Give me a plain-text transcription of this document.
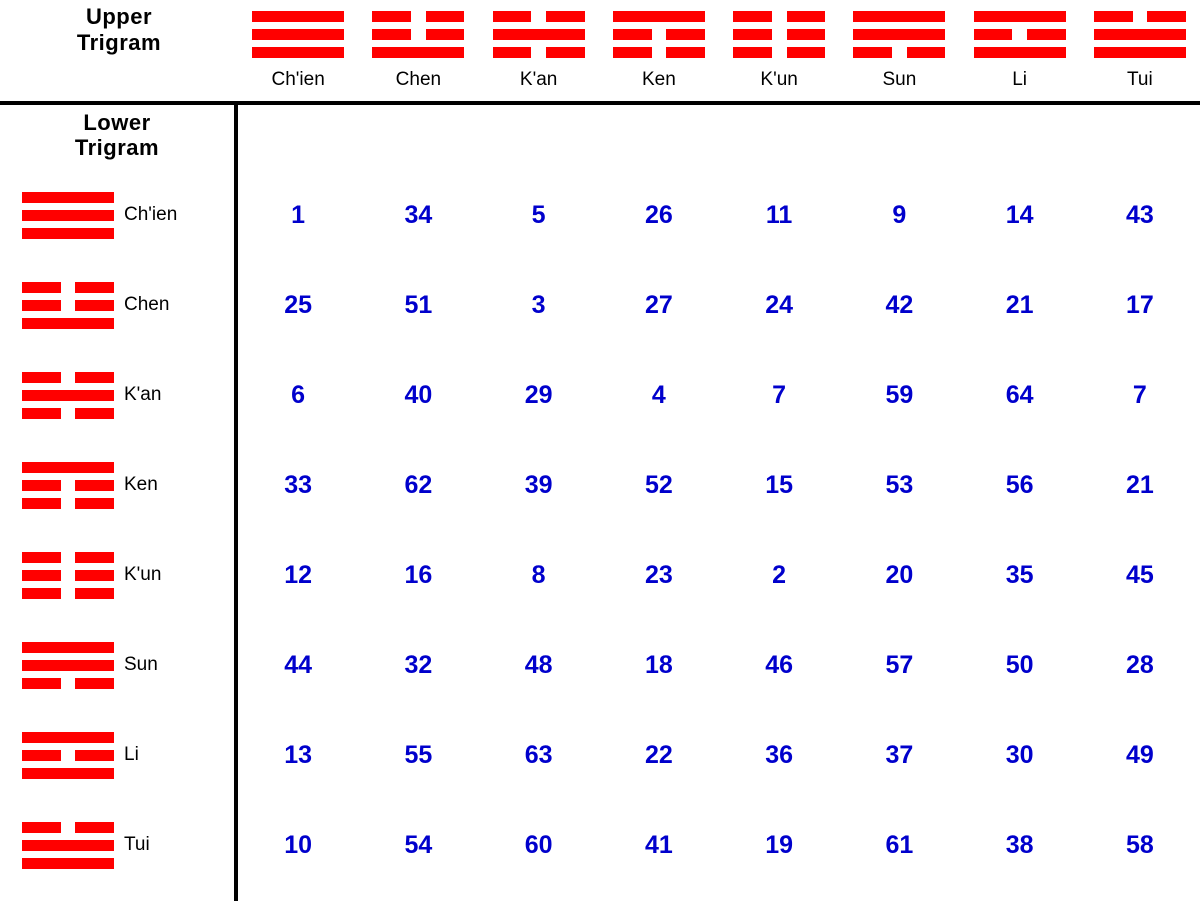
Upper
Trigram
Ch'ien	Chen	K'an	Ken	K'un	Sun	Li	Tui
Lower
Trigram
Ch'ien	1	34	5	26	11	9	14	43
Chen	25	51	3	27	24	42	21	17
K'an	6	40	29	4	7	59	64	7
Ken	33	62	39	52	15	53	56	21
K'un	12	16	8	23	2	20	35	45
Sun	44	32	48	18	46	57	50	28
Li	13	55	63	22	36	37	30	49
Tui	10	54	60	41	19	61	38	58
